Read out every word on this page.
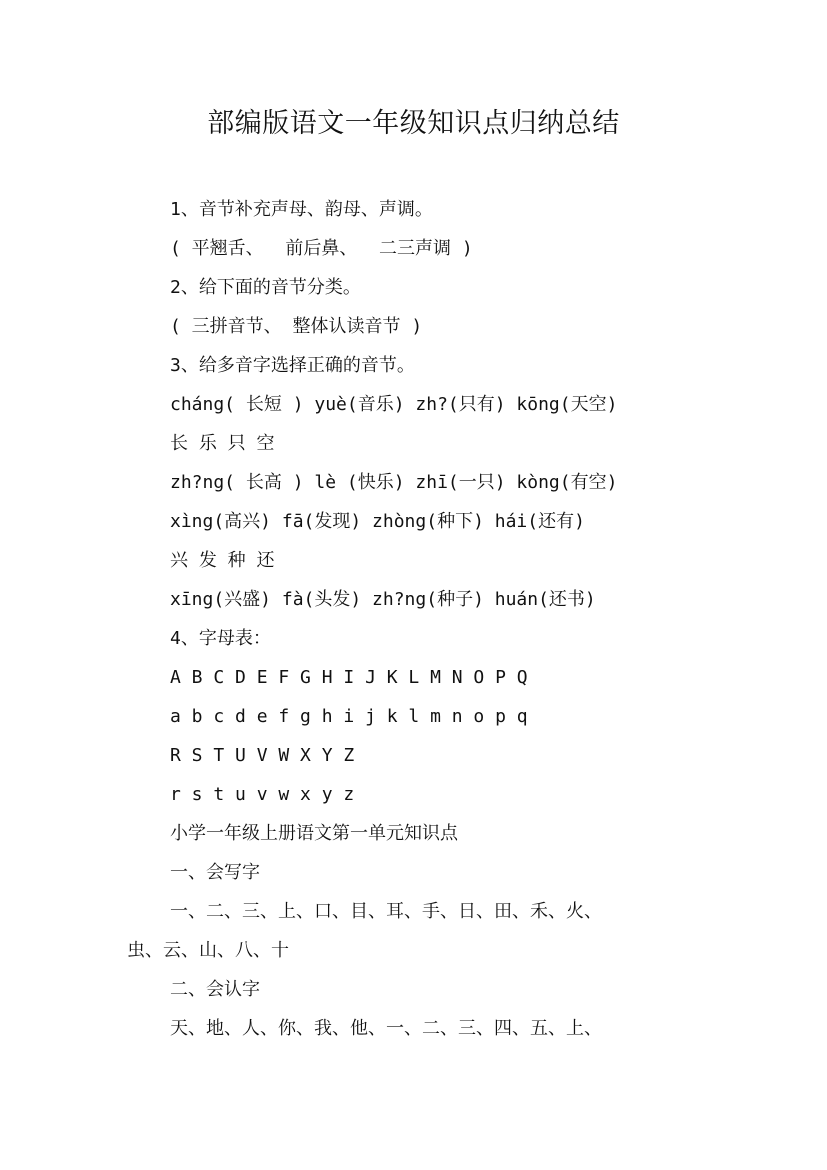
部编版语文一年级知识点归纳总结
1、音节补充声母、韵母、声调。
( 平翘舌、  前后鼻、  二三声调 )
2、给下面的音节分类。
( 三拼音节、 整体认读音节 )
3、给多音字选择正确的音节。
cháng( 长短 ) yuè(音乐) zh?(只有) kōng(天空)
长 乐 只 空
zh?ng( 长高 ) lè (快乐) zhī(一只) kòng(有空)
xìng(高兴) fā(发现) zhòng(种下) hái(还有)
兴 发 种 还
xīng(兴盛) fà(头发) zh?ng(种子) huán(还书)
4、字母表：
A B C D E F G H I J K L M N O P Q
a b c d e f g h i j k l m n o p q
R S T U V W X Y Z
r s t u v w x y z
小学一年级上册语文第一单元知识点
一、会写字
一、二、三、上、口、目、耳、手、日、田、禾、火、
虫、云、山、八、十
二、会认字
天、地、人、你、我、他、一、二、三、四、五、上、
